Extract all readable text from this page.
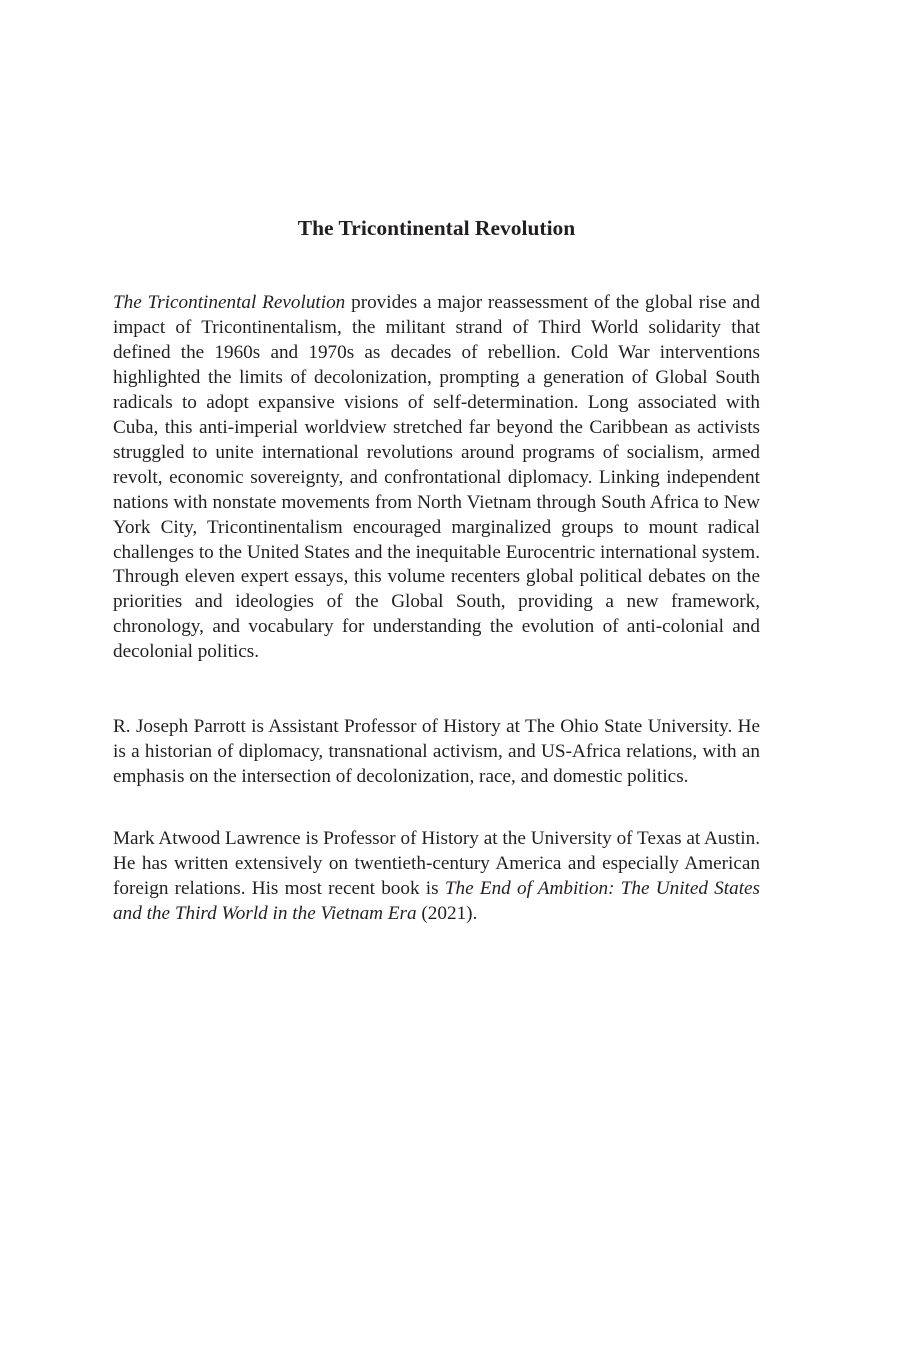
The Tricontinental Revolution

The Tricontinental Revolution provides a major reassessment of the global rise and impact of Tricontinentalism, the militant strand of Third World solidarity that defined the 1960s and 1970s as decades of rebellion. Cold War interventions highlighted the limits of decolonization, prompting a generation of Global South radicals to adopt expansive visions of self-determination. Long associated with Cuba, this anti-imperial worldview stretched far beyond the Caribbean as activists struggled to unite international revolutions around programs of socialism, armed revolt, economic sovereignty, and confrontational diplomacy. Linking independent nations with nonstate movements from North Vietnam through South Africa to New York City, Tricontinentalism encouraged marginalized groups to mount radical challenges to the United States and the inequitable Eurocentric international system. Through eleven expert essays, this volume recenters global political debates on the priorities and ideologies of the Global South, providing a new framework, chronology, and vocabulary for understanding the evolution of anti-colonial and decolonial politics.

R. Joseph Parrott is Assistant Professor of History at The Ohio State University. He is a historian of diplomacy, transnational activism, and US-Africa relations, with an emphasis on the intersection of decolonization, race, and domestic politics.

Mark Atwood Lawrence is Professor of History at the University of Texas at Austin. He has written extensively on twentieth-century America and especially American foreign relations. His most recent book is The End of Ambition: The United States and the Third World in the Vietnam Era (2021).
